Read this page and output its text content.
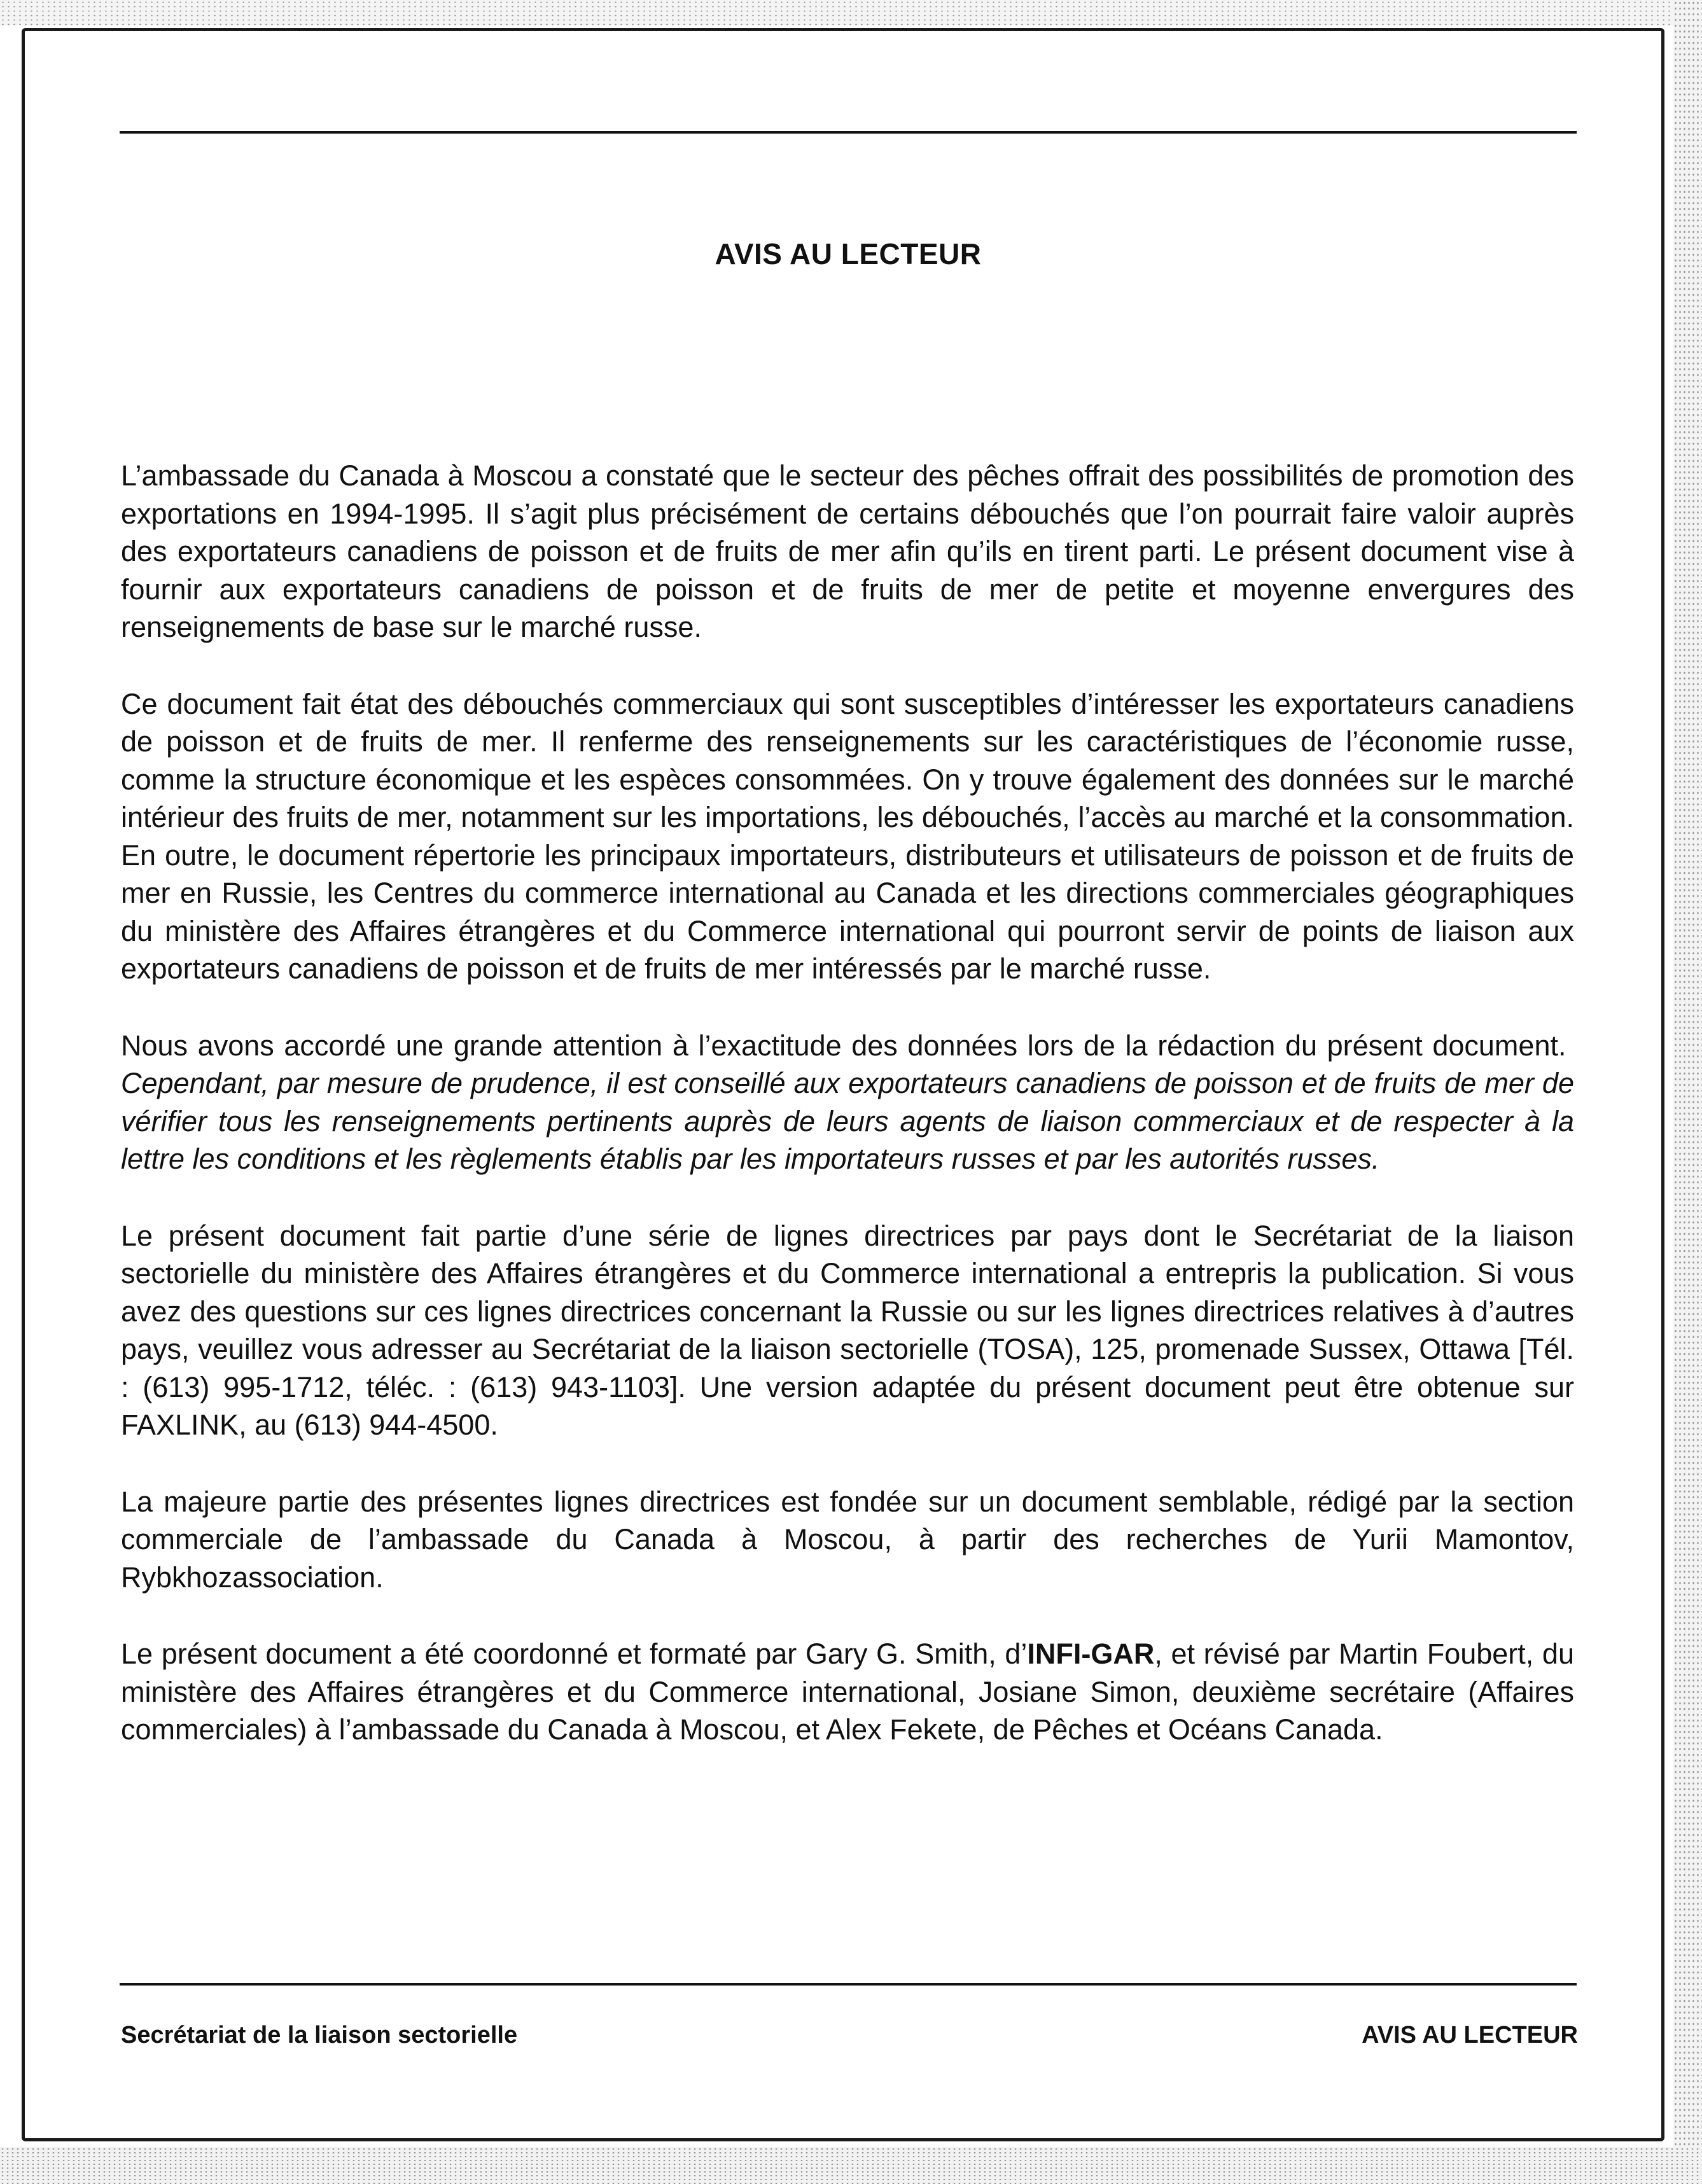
AVIS AU LECTEUR

L’ambassade du Canada à Moscou a constaté que le secteur des pêches offrait des possibilités de promotion des exportations en 1994-1995. Il s’agit plus précisément de certains débouchés que l’on pourrait faire valoir auprès des exportateurs canadiens de poisson et de fruits de mer afin qu’ils en tirent parti. Le présent document vise à fournir aux exportateurs canadiens de poisson et de fruits de mer de petite et moyenne envergures des renseignements de base sur le marché russe.

Ce document fait état des débouchés commerciaux qui sont susceptibles d’intéresser les exportateurs canadiens de poisson et de fruits de mer. Il renferme des renseignements sur les caractéristiques de l’économie russe, comme la structure économique et les espèces consommées. On y trouve également des données sur le marché intérieur des fruits de mer, notamment sur les importations, les débouchés, l’accès au marché et la consommation. En outre, le document répertorie les principaux importateurs, distributeurs et utilisateurs de poisson et de fruits de mer en Russie, les Centres du commerce international au Canada et les directions commerciales géographiques du ministère des Affaires étrangères et du Commerce international qui pourront servir de points de liaison aux exportateurs canadiens de poisson et de fruits de mer intéressés par le marché russe.

Nous avons accordé une grande attention à l’exactitude des données lors de la rédaction du présent document.  Cependant, par mesure de prudence, il est conseillé aux exportateurs canadiens de poisson et de fruits de mer de vérifier tous les renseignements pertinents auprès de leurs agents de liaison commerciaux et de respecter à la lettre les conditions et les règlements établis par les importateurs russes et par les autorités russes.

Le présent document fait partie d’une série de lignes directrices par pays dont le Secrétariat de la liaison sectorielle du ministère des Affaires étrangères et du Commerce international a entrepris la publication. Si vous avez des questions sur ces lignes directrices concernant la Russie ou sur les lignes directrices relatives à d’autres pays, veuillez vous adresser au Secrétariat de la liaison sectorielle (TOSA), 125, promenade Sussex, Ottawa [Tél. : (613) 995-1712, téléc. : (613) 943-1103]. Une version adaptée du présent document peut être obtenue sur FAXLINK, au (613) 944-4500.

La majeure partie des présentes lignes directrices est fondée sur un document semblable, rédigé par la section commerciale de l’ambassade du Canada à Moscou, à partir des recherches de Yurii Mamontov, Rybkhozassociation.

Le présent document a été coordonné et formaté par Gary G. Smith, d’INFI-GAR, et révisé par Martin Foubert, du ministère des Affaires étrangères et du Commerce international, Josiane Simon, deuxième secrétaire (Affaires commerciales) à l’ambassade du Canada à Moscou, et Alex Fekete, de Pêches et Océans Canada.

Secrétariat de la liaison sectorielle	AVIS AU LECTEUR
